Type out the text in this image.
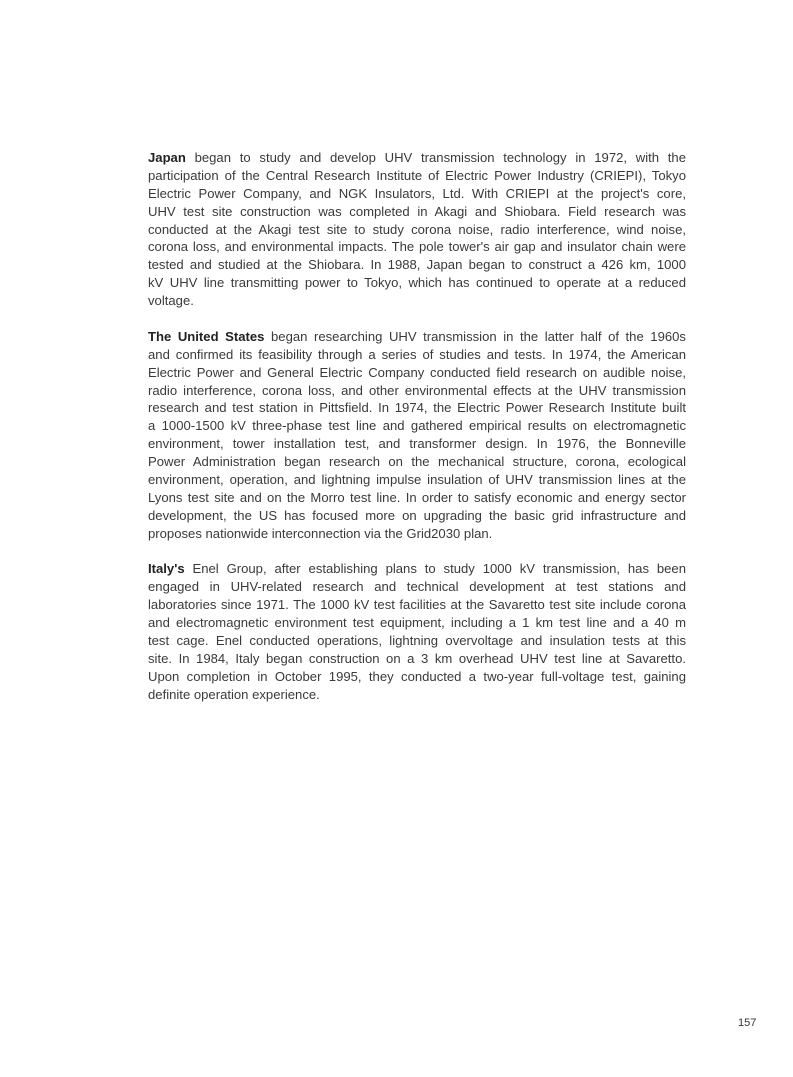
Japan began to study and develop UHV transmission technology in 1972, with the
participation of the Central Research Institute of Electric Power Industry (CRIEPI), Tokyo
Electric Power Company, and NGK Insulators, Ltd. With CRIEPI at the project's core,
UHV test site construction was completed in Akagi and Shiobara. Field research was
conducted at the Akagi test site to study corona noise, radio interference, wind noise,
corona loss, and environmental impacts. The pole tower's air gap and insulator chain were
tested and studied at the Shiobara. In 1988, Japan began to construct a 426 km, 1000
kV UHV line transmitting power to Tokyo, which has continued to operate at a reduced
voltage.
The United States began researching UHV transmission in the latter half of the 1960s
and confirmed its feasibility through a series of studies and tests. In 1974, the American
Electric Power and General Electric Company conducted field research on audible noise,
radio interference, corona loss, and other environmental effects at the UHV transmission
research and test station in Pittsfield. In 1974, the Electric Power Research Institute built
a 1000-1500 kV three-phase test line and gathered empirical results on electromagnetic
environment, tower installation test, and transformer design. In 1976, the Bonneville
Power Administration began research on the mechanical structure, corona, ecological
environment, operation, and lightning impulse insulation of UHV transmission lines at the
Lyons test site and on the Morro test line. In order to satisfy economic and energy sector
development, the US has focused more on upgrading the basic grid infrastructure and
proposes nationwide interconnection via the Grid2030 plan.
Italy's Enel Group, after establishing plans to study 1000 kV transmission, has been
engaged in UHV-related research and technical development at test stations and
laboratories since 1971. The 1000 kV test facilities at the Savaretto test site include corona
and electromagnetic environment test equipment, including a 1 km test line and a 40 m
test cage. Enel conducted operations, lightning overvoltage and insulation tests at this
site. In 1984, Italy began construction on a 3 km overhead UHV test line at Savaretto.
Upon completion in October 1995, they conducted a two-year full-voltage test, gaining
definite operation experience.
157
